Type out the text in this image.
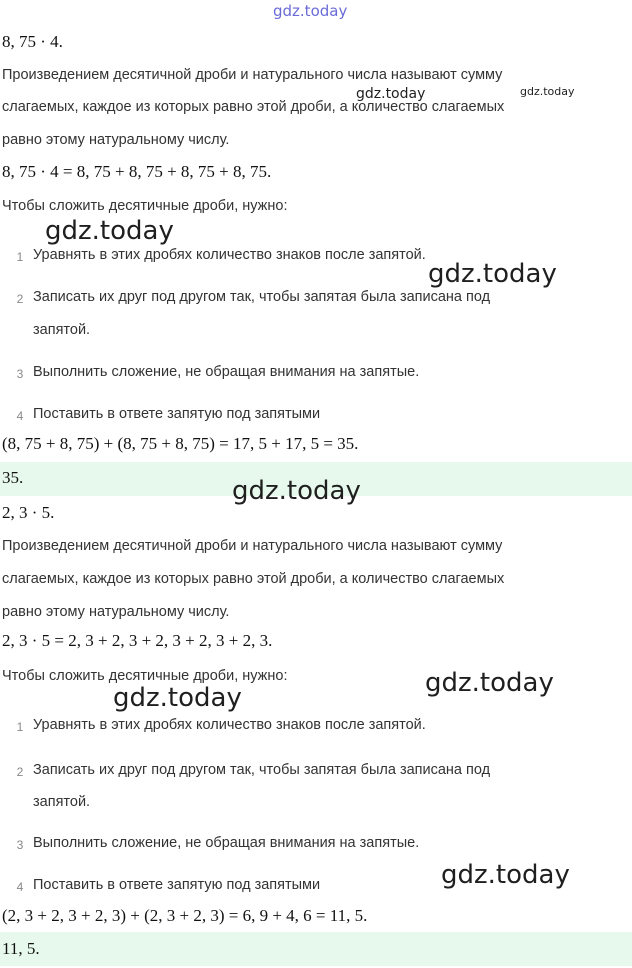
gdz.today
8, 75 · 4.
Произведением десятичной дроби и натурального числа называют сумму
слагаемых, каждое из которых равно этой дроби, а количество слагаемых
равно этому натуральному числу.
gdz.today	gdz.today
8, 75 · 4 = 8, 75 + 8, 75 + 8, 75 + 8, 75.
Чтобы сложить десятичные дроби, нужно:
gdz.today
1 Уравнять в этих дробях количество знаков после запятой.
gdz.today
2 Записать их друг под другом так, чтобы запятая была записана под
запятой.
3 Выполнить сложение, не обращая внимания на запятые.
4 Поставить в ответе запятую под запятыми
(8, 75 + 8, 75) + (8, 75 + 8, 75) = 17, 5 + 17, 5 = 35.
35.	gdz.today
2, 3 · 5.
Произведением десятичной дроби и натурального числа называют сумму
слагаемых, каждое из которых равно этой дроби, а количество слагаемых
равно этому натуральному числу.
2, 3 · 5 = 2, 3 + 2, 3 + 2, 3 + 2, 3 + 2, 3.
Чтобы сложить десятичные дроби, нужно:
gdz.today	gdz.today
1 Уравнять в этих дробях количество знаков после запятой.
2 Записать их друг под другом так, чтобы запятая была записана под
запятой.
3 Выполнить сложение, не обращая внимания на запятые.
4 Поставить в ответе запятую под запятыми	gdz.today
(2, 3 + 2, 3 + 2, 3) + (2, 3 + 2, 3) = 6, 9 + 4, 6 = 11, 5.
11, 5.
